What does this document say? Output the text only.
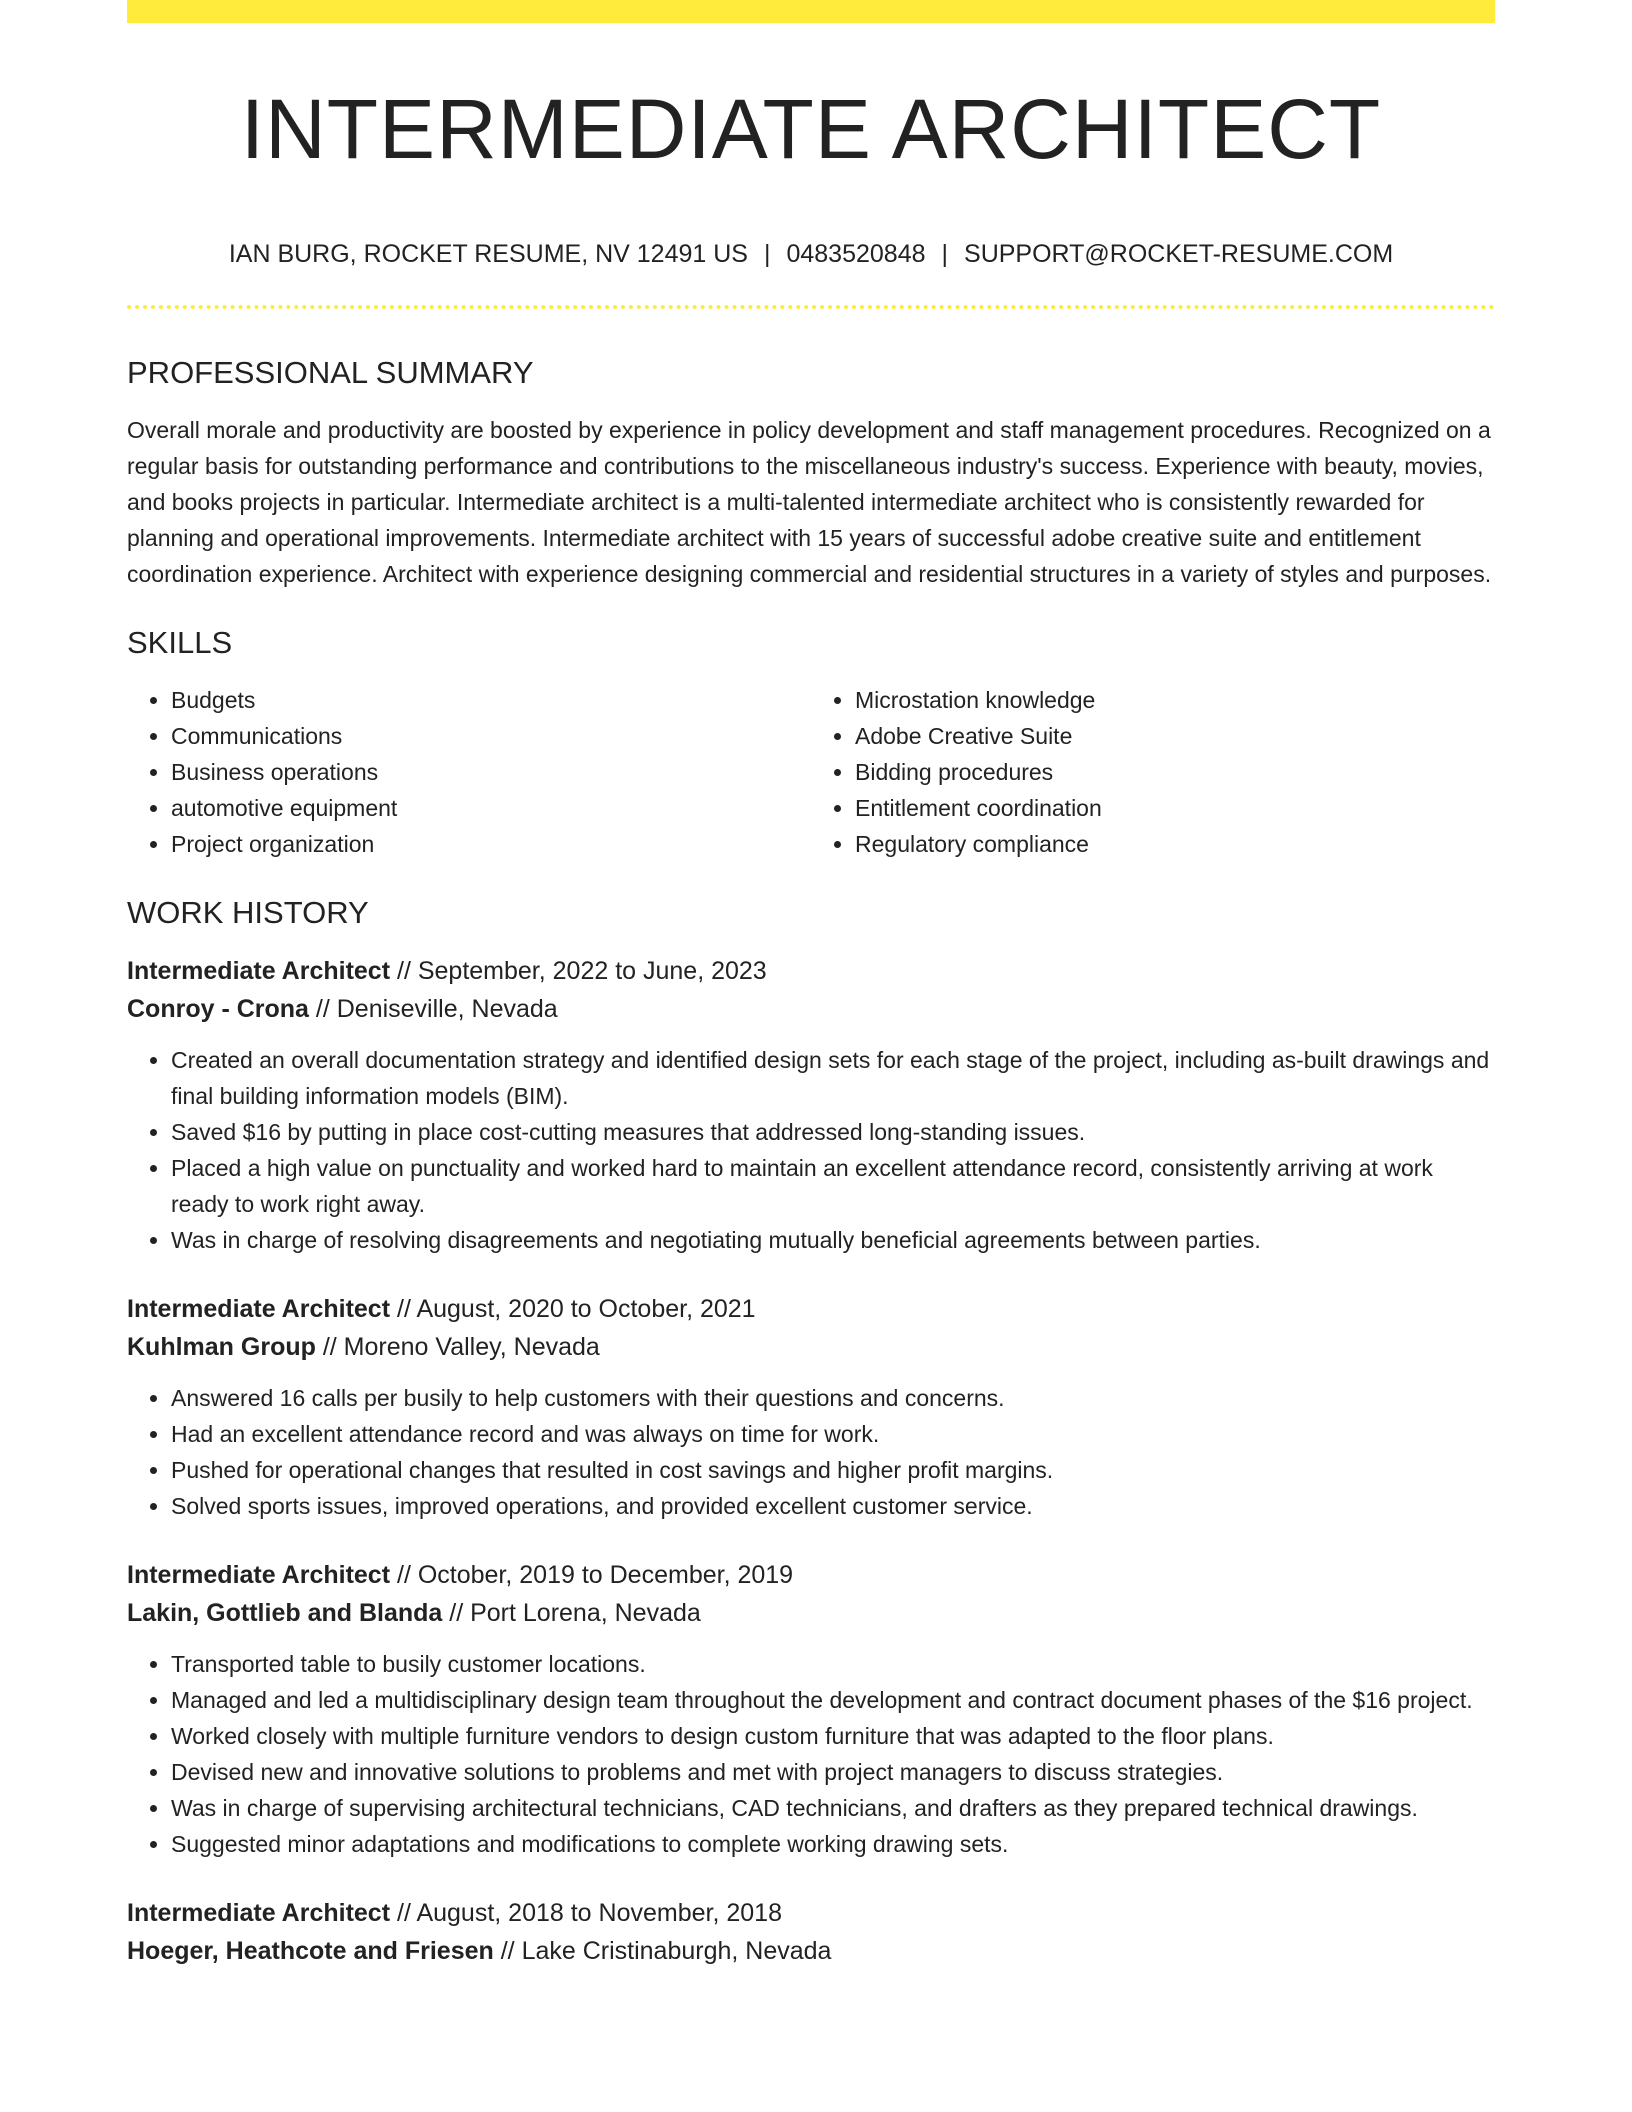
INTERMEDIATE ARCHITECT
IAN BURG, ROCKET RESUME, NV 12491 US | 0483520848 | SUPPORT@ROCKET-RESUME.COM
PROFESSIONAL SUMMARY

Overall morale and productivity are boosted by experience in policy development and staff management procedures. Recognized on a regular basis for outstanding performance and contributions to the miscellaneous industry's success. Experience with beauty, movies, and books projects in particular. Intermediate architect is a multi-talented intermediate architect who is consistently rewarded for planning and operational improvements. Intermediate architect with 15 years of successful adobe creative suite and entitlement coordination experience. Architect with experience designing commercial and residential structures in a variety of styles and purposes.

SKILLS
• Budgets
• Communications
• Business operations
• automotive equipment
• Project organization
• Microstation knowledge
• Adobe Creative Suite
• Bidding procedures
• Entitlement coordination
• Regulatory compliance
WORK HISTORY
Intermediate Architect // September, 2022 to June, 2023
Conroy - Crona // Deniseville, Nevada
• Created an overall documentation strategy and identified design sets for each stage of the project, including as-built drawings and final building information models (BIM).
• Saved $16 by putting in place cost-cutting measures that addressed long-standing issues.
• Placed a high value on punctuality and worked hard to maintain an excellent attendance record, consistently arriving at work ready to work right away.
• Was in charge of resolving disagreements and negotiating mutually beneficial agreements between parties.
Intermediate Architect // August, 2020 to October, 2021
Kuhlman Group // Moreno Valley, Nevada
• Answered 16 calls per busily to help customers with their questions and concerns.
• Had an excellent attendance record and was always on time for work.
• Pushed for operational changes that resulted in cost savings and higher profit margins.
• Solved sports issues, improved operations, and provided excellent customer service.
Intermediate Architect // October, 2019 to December, 2019
Lakin, Gottlieb and Blanda // Port Lorena, Nevada
• Transported table to busily customer locations.
• Managed and led a multidisciplinary design team throughout the development and contract document phases of the $16 project.
• Worked closely with multiple furniture vendors to design custom furniture that was adapted to the floor plans.
• Devised new and innovative solutions to problems and met with project managers to discuss strategies.
• Was in charge of supervising architectural technicians, CAD technicians, and drafters as they prepared technical drawings.
• Suggested minor adaptations and modifications to complete working drawing sets.
Intermediate Architect // August, 2018 to November, 2018
Hoeger, Heathcote and Friesen // Lake Cristinaburgh, Nevada
